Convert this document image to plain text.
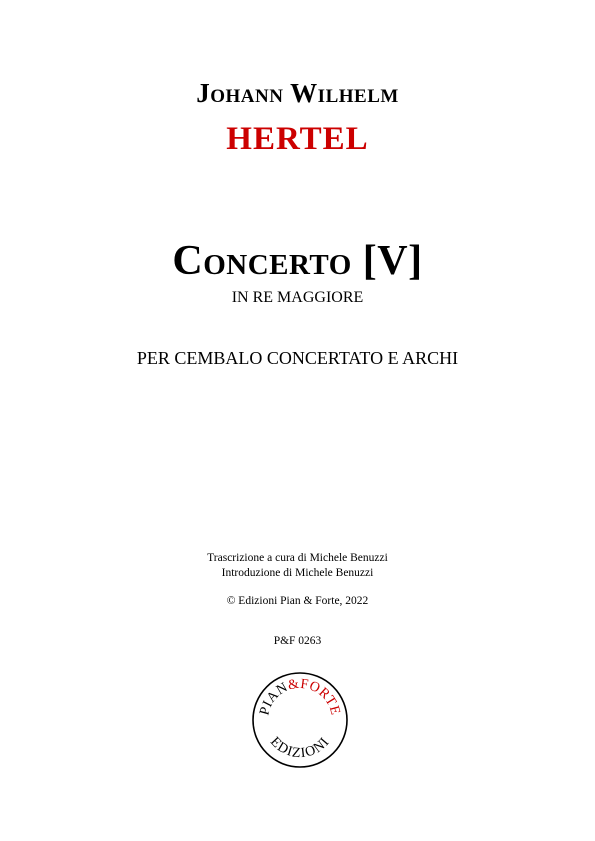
Johann Wilhelm
HERTEL
Concerto [V]
IN RE MAGGIORE
PER CEMBALO CONCERTATO E ARCHI
Trascrizione a cura di Michele Benuzzi
Introduzione di Michele Benuzzi
© Edizioni Pian & Forte, 2022
P&F 0263
PIAN&FORTE
EDIZIONI
